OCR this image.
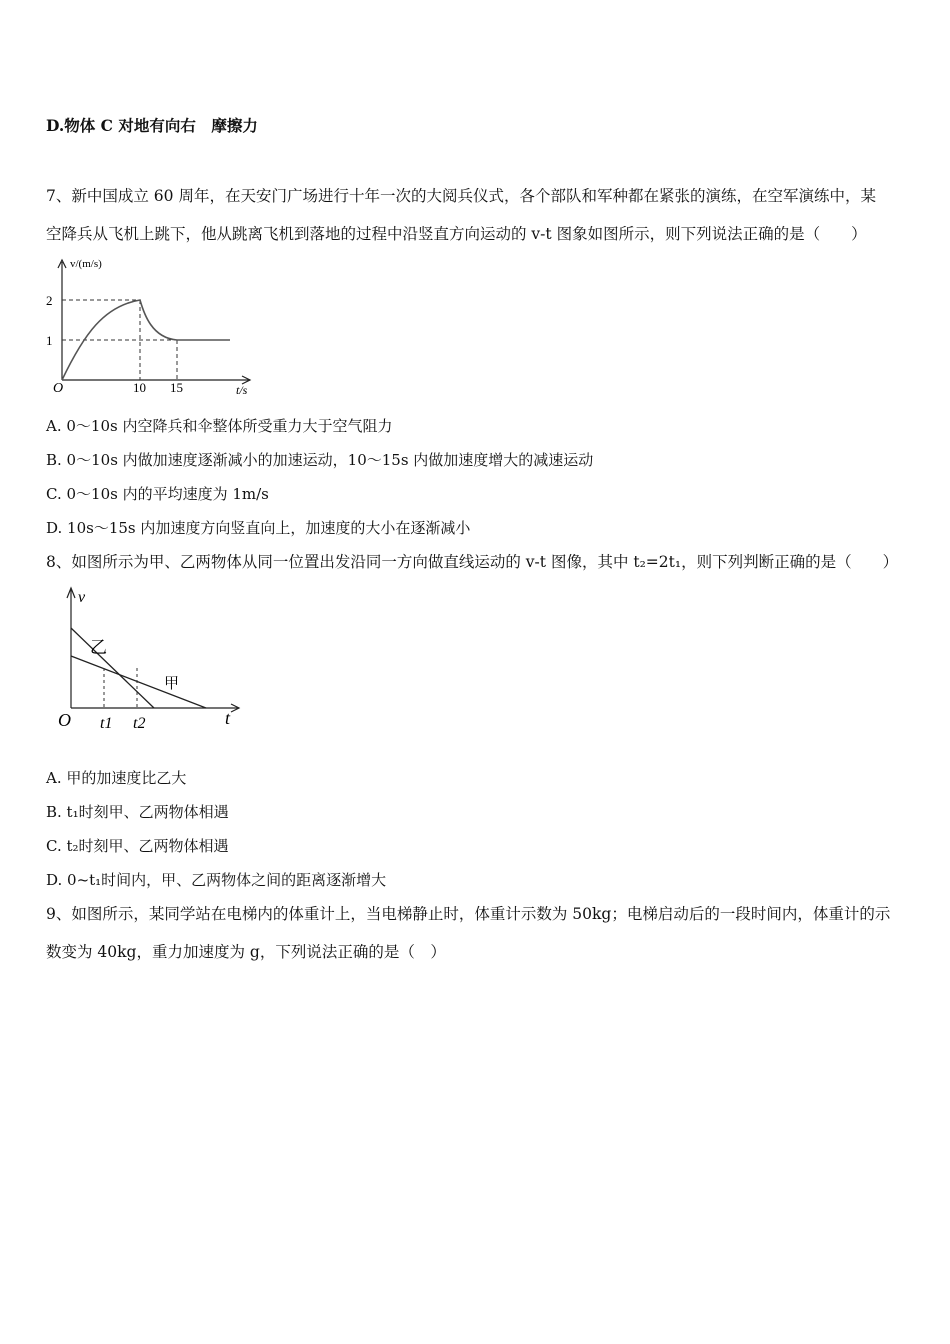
D.物体 C 对地有向右　摩擦力
7、新中国成立 60 周年，在天安门广场进行十年一次的大阅兵仪式，各个部队和军种都在紧张的演练，在空军演练中，某
空降兵从飞机上跳下，他从跳离飞机到落地的过程中沿竖直方向运动的 v-t 图象如图所示，则下列说法正确的是（　　）
O
2
1
10 15
v/(m/s)
t/s
A. 0～10s 内空降兵和伞整体所受重力大于空气阻力
B. 0～10s 内做加速度逐渐减小的加速运动，10～15s 内做加速度增大的减速运动
C. 0～10s 内的平均速度为 1m/s
D. 10s～15s 内加速度方向竖直向上，加速度的大小在逐渐减小
8、如图所示为甲、乙两物体从同一位置出发沿同一方向做直线运动的 v-t 图像，其中 t₂=2t₁，则下列判断正确的是（　　）
O
v
t
t1 t2
乙
甲
A. 甲的加速度比乙大
B. t₁时刻甲、乙两物体相遇
C. t₂时刻甲、乙两物体相遇
D. 0~t₁时间内，甲、乙两物体之间的距离逐渐增大
9、如图所示，某同学站在电梯内的体重计上，当电梯静止时，体重计示数为 50kg；电梯启动后的一段时间内，体重计的示
数变为 40kg，重力加速度为 g，下列说法正确的是（　）
